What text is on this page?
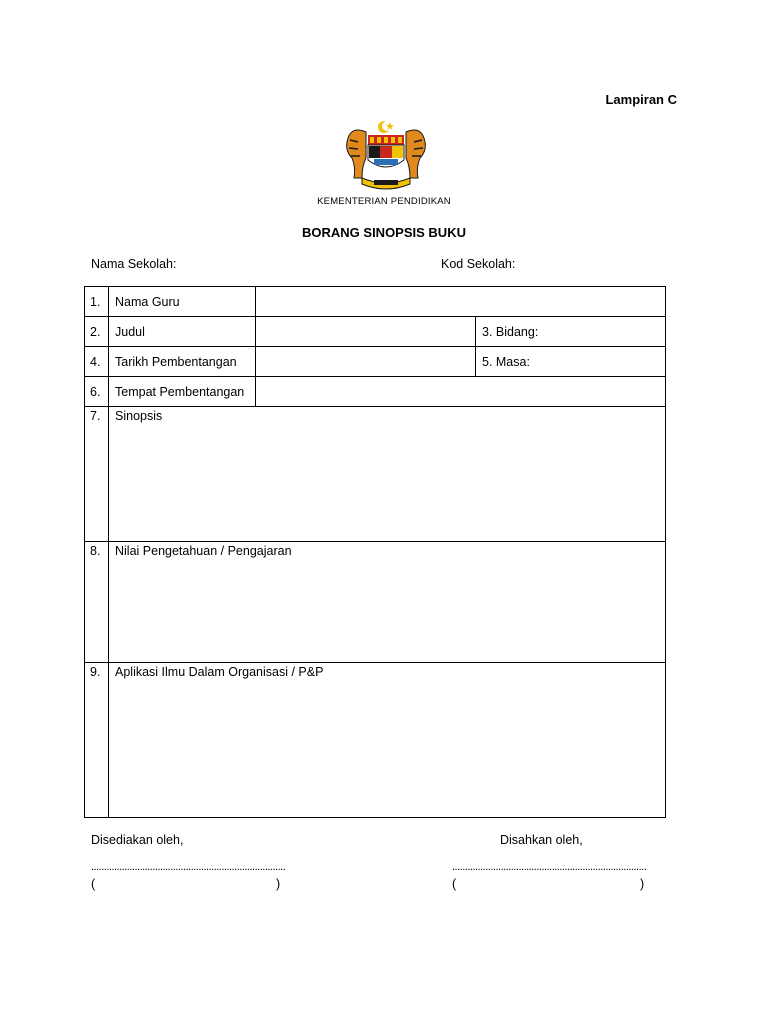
Lampiran C
KEMENTERIAN PENDIDIKAN
BORANG SINOPSIS BUKU
Nama Sekolah:	Kod Sekolah:
1.	Nama Guru		
2.	Judul		3. Bidang:
4.	Tarikh Pembentangan		5. Masa:
6.	Tempat Pembentangan		
7.	Sinopsis		
8.	Nilai Pengetahuan / Pengajaran		
9.	Aplikasi Ilmu Dalam Organisasi / P&P		
Disediakan oleh,	Disahkan oleh,
............................................................................	............................................................................
(	)	(	)
